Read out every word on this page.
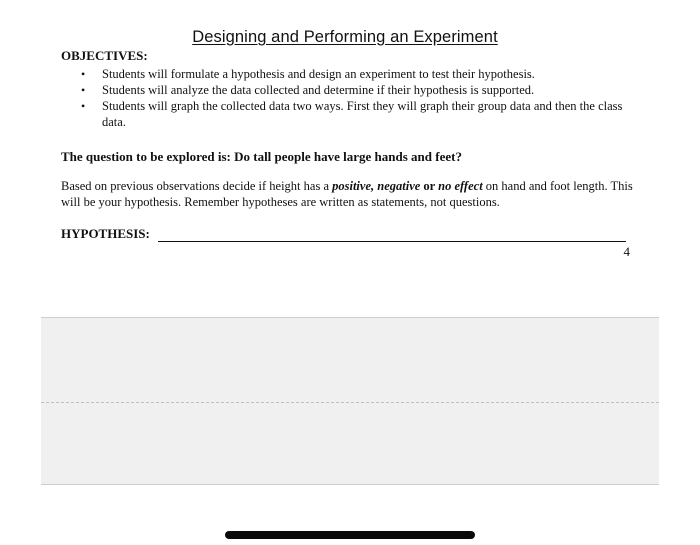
Designing and Performing an Experiment
OBJECTIVES:
• Students will formulate a hypothesis and design an experiment to test their hypothesis.
• Students will analyze the data collected and determine if their hypothesis is supported.
• Students will graph the collected data two ways. First they will graph their group data and then the class data.
The question to be explored is: Do tall people have large hands and feet?
Based on previous observations decide if height has a positive, negative or no effect on hand and foot length. This will be your hypothesis. Remember hypotheses are written as statements, not questions.
HYPOTHESIS:
4
